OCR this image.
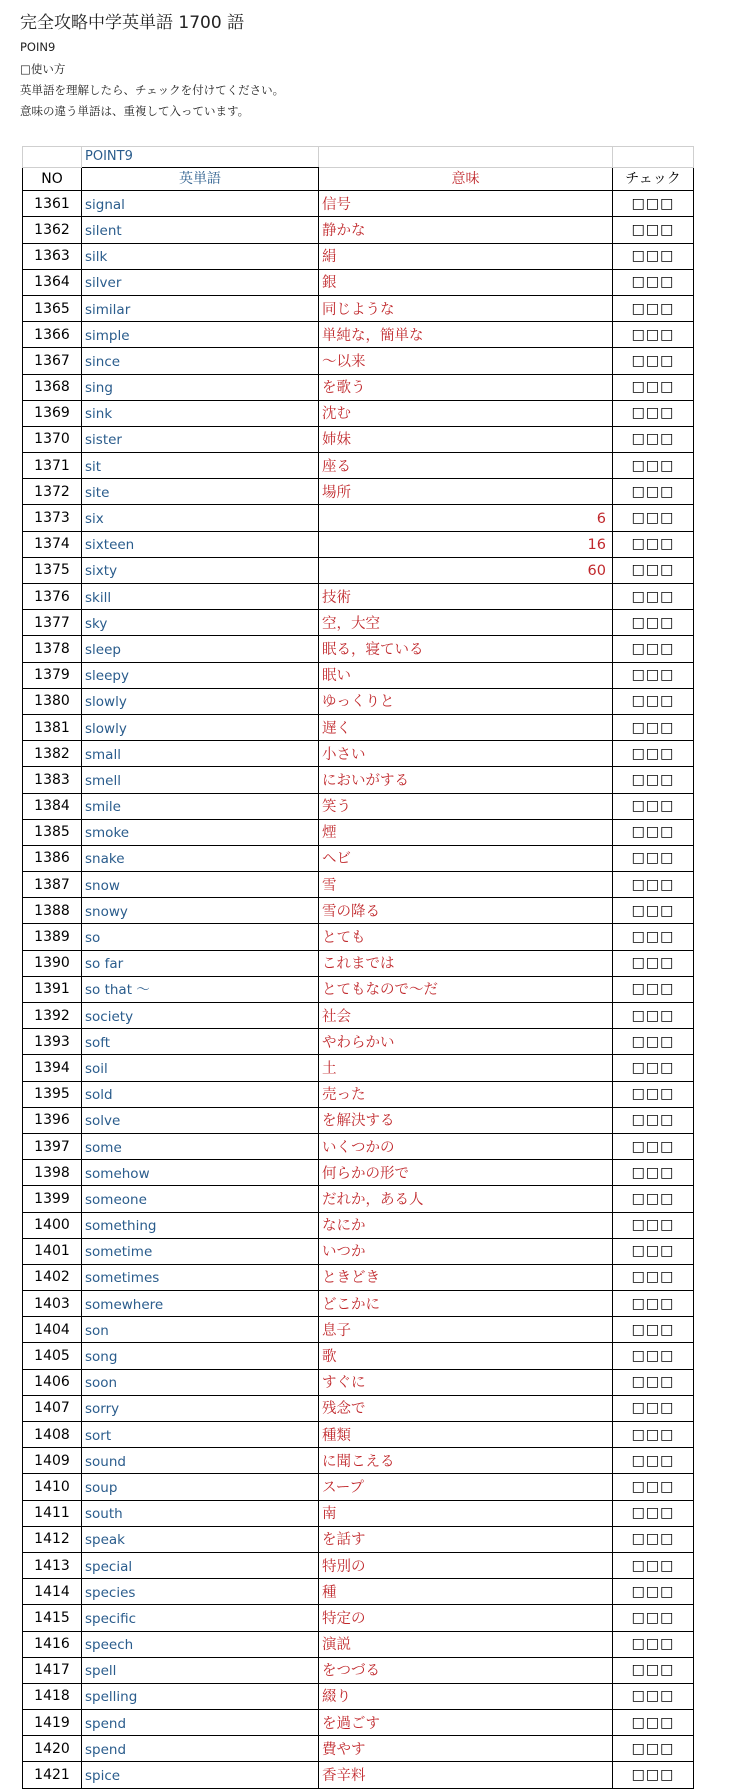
完全攻略中学英単語 1700 語
POIN9
□使い方
英単語を理解したら、チェックを付けてください。
意味の違う単語は、重複して入っています。
	POINT9		
NO	英単語	意味	チェック
1361	signal	信号	□□□
1362	silent	静かな	□□□
1363	silk	絹	□□□
1364	silver	銀	□□□
1365	similar	同じような	□□□
1366	simple	単純な，簡単な	□□□
1367	since	～以来	□□□
1368	sing	を歌う	□□□
1369	sink	沈む	□□□
1370	sister	姉妹	□□□
1371	sit	座る	□□□
1372	site	場所	□□□
1373	six	6	□□□
1374	sixteen	16	□□□
1375	sixty	60	□□□
1376	skill	技術	□□□
1377	sky	空，大空	□□□
1378	sleep	眠る，寝ている	□□□
1379	sleepy	眠い	□□□
1380	slowly	ゆっくりと	□□□
1381	slowly	遅く	□□□
1382	small	小さい	□□□
1383	smell	においがする	□□□
1384	smile	笑う	□□□
1385	smoke	煙	□□□
1386	snake	ヘビ	□□□
1387	snow	雪	□□□
1388	snowy	雪の降る	□□□
1389	so	とても	□□□
1390	so far	これまでは	□□□
1391	so that ～	とてもなので～だ	□□□
1392	society	社会	□□□
1393	soft	やわらかい	□□□
1394	soil	土	□□□
1395	sold	売った	□□□
1396	solve	を解決する	□□□
1397	some	いくつかの	□□□
1398	somehow	何らかの形で	□□□
1399	someone	だれか，ある人	□□□
1400	something	なにか	□□□
1401	sometime	いつか	□□□
1402	sometimes	ときどき	□□□
1403	somewhere	どこかに	□□□
1404	son	息子	□□□
1405	song	歌	□□□
1406	soon	すぐに	□□□
1407	sorry	残念で	□□□
1408	sort	種類	□□□
1409	sound	に聞こえる	□□□
1410	soup	スープ	□□□
1411	south	南	□□□
1412	speak	を話す	□□□
1413	special	特別の	□□□
1414	species	種	□□□
1415	specific	特定の	□□□
1416	speech	演説	□□□
1417	spell	をつづる	□□□
1418	spelling	綴り	□□□
1419	spend	を過ごす	□□□
1420	spend	費やす	□□□
1421	spice	香辛料	□□□
